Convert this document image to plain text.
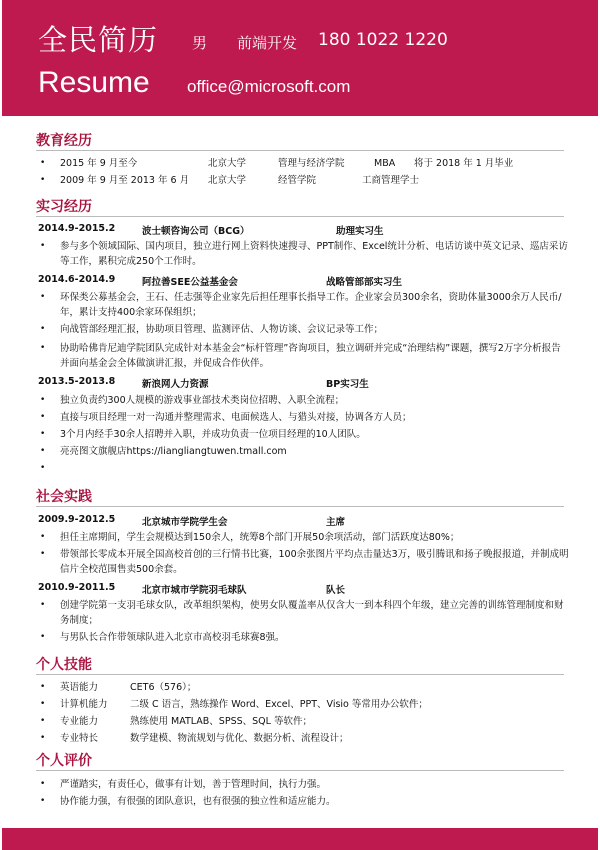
全民简历 男 前端开发 180 1022 1220
Resume office@microsoft.com
教育经历
• 2015 年 9 月至今	北京大学	管理与经济学院	MBA 将于 2018 年 1 月毕业
• 2009 年 9 月至 2013 年 6 月 北京大学	经管学院	工商管理学士
实习经历
2014.9-2015.2	波士顿咨询公司（BCG）	助理实习生
• 参与多个领域国际、国内项目，独立进行网上资料快速搜寻、PPT制作、Excel统计分析、电话访谈中英文记录、巡店采访等工作，累积完成250个工作时。
2014.6-2014.9	阿拉善SEE公益基金会	战略管部部实习生
• 环保类公募基金会，王石、任志强等企业家先后担任理事长指导工作。企业家会员300余名，资助体量3000余万人民币/年，累计支持400余家环保组织；
• 向战管部经理汇报，协助项目管理、监测评估、人物访谈、会议记录等工作；
• 协助哈佛肯尼迪学院团队完成针对本基金会“标杆管理”咨询项目，独立调研并完成“治理结构”课题，撰写2万字分析报告并面向基金会全体做演讲汇报，并促成合作伙伴。
2013.5-2013.8	新浪网人力资源	BP实习生
• 独立负责约300人规模的游戏事业部技术类岗位招聘、入职全流程；
• 直接与项目经理一对一沟通并整理需求、电面候选人、与猎头对接，协调各方人员；
• 3个月内经手30余人招聘并入职，并成功负责一位项目经理的10人团队。
• 亮亮图文旗舰店https://liangliangtuwen.tmall.com
社会实践
2009.9-2012.5	北京城市学院学生会	主席
• 担任主席期间，学生会规模达到150余人，统筹8个部门开展50余项活动，部门活跃度达80%；
• 带领部长零成本开展全国高校首创的三行情书比赛，100余张图片平均点击量达3万，吸引腾讯和扬子晚报报道，并制成明信片全校范围售卖500余套。
2010.9-2011.5	北京市城市学院羽毛球队	队长
• 创建学院第一支羽毛球女队，改革组织架构，使男女队覆盖率从仅含大一到本科四个年级，建立完善的训练管理制度和财务制度；
• 与男队长合作带领球队进入北京市高校羽毛球赛8强。
个人技能
• 英语能力	CET6（576）；
• 计算机能力 二级 C 语言，熟练操作 Word、Excel、PPT、Visio 等常用办公软件；
• 专业能力	熟练使用 MATLAB、SPSS、SQL 等软件；
• 专业特长	数学建模、物流规划与优化、数据分析、流程设计；
个人评价
• 严谨踏实，有责任心，做事有计划，善于管理时间，执行力强。
• 协作能力强，有很强的团队意识，也有很强的独立性和适应能力。
